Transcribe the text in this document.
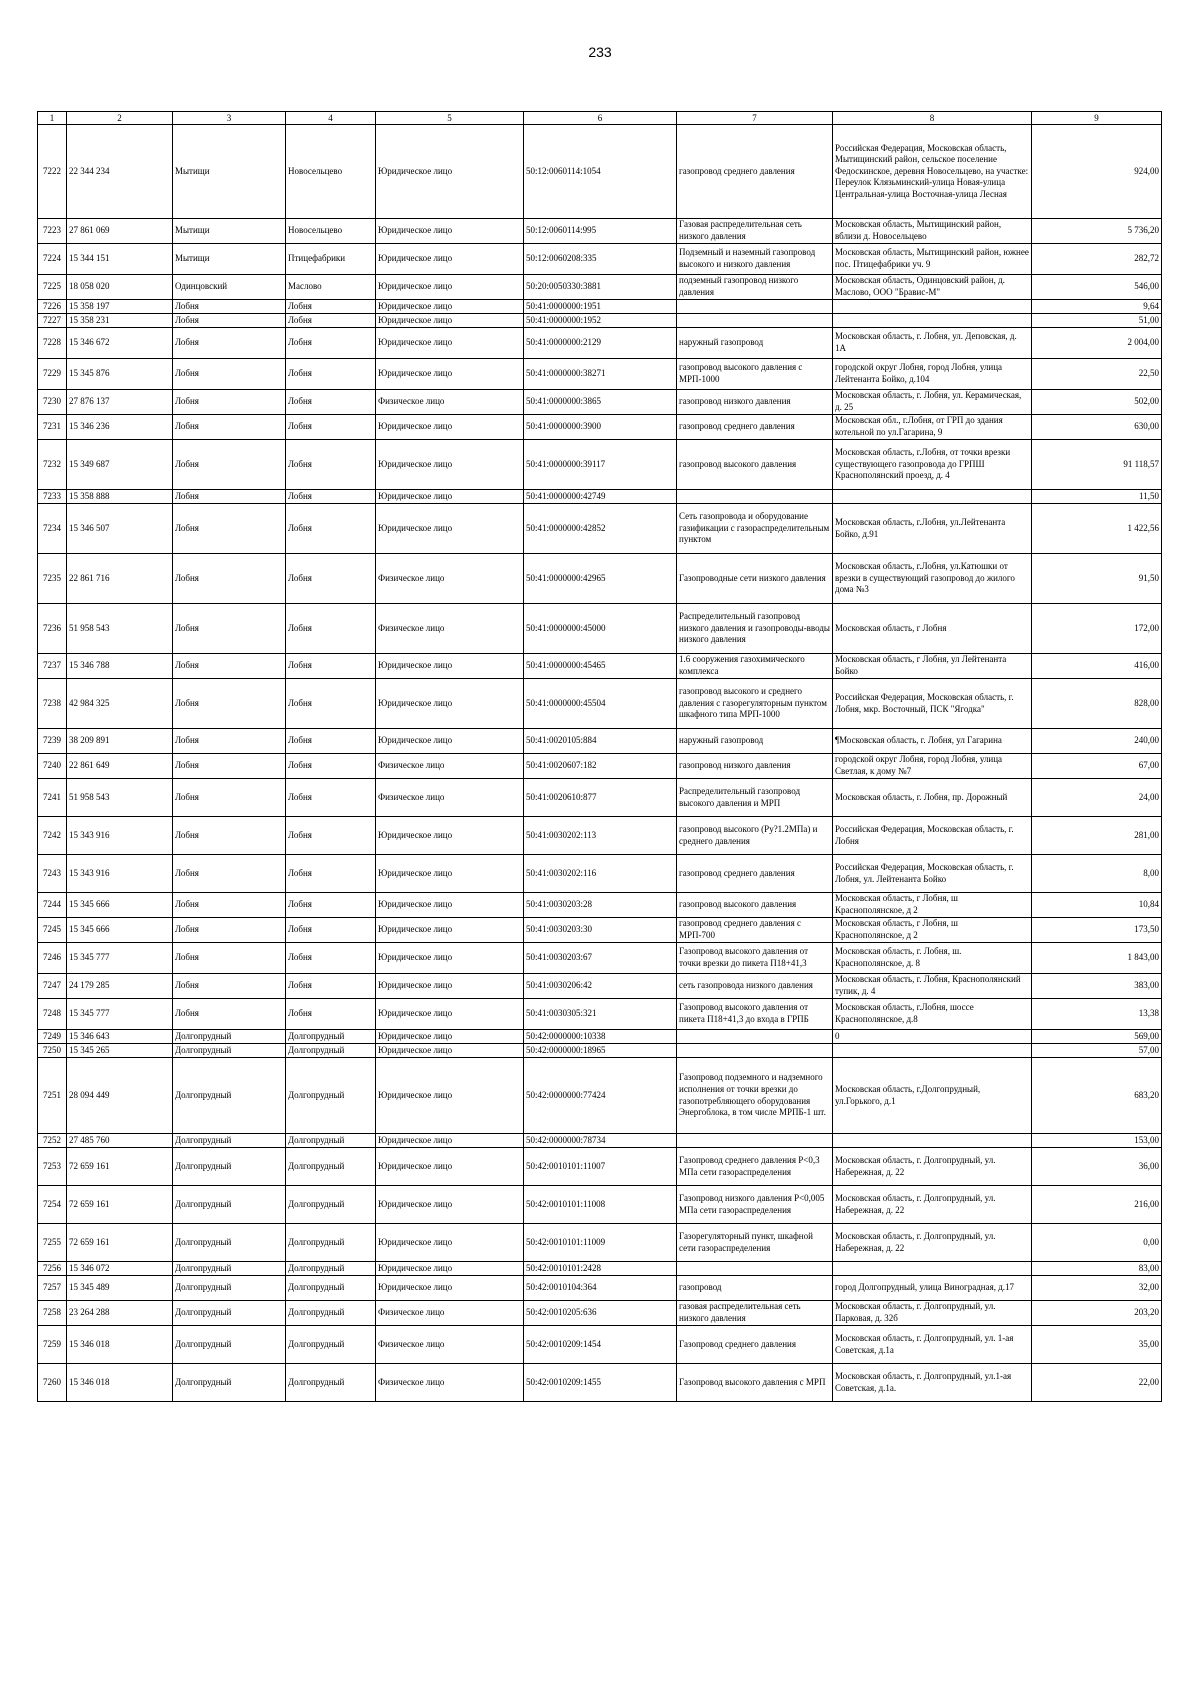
233
1	2	3	4	5	6	7	8	9
7222	22 344 234	Мытищи	Новосельцево	Юридическое лицо	50:12:0060114:1054	газопровод среднего давления	Российская Федерация, Московская область, Мытищинский район, сельское поселение Федоскинское, деревня Новосельцево, на участке: Переулок Клязьминский-улица Новая-улица Центральная-улица Восточная-улица Лесная	924,00
7223	27 861 069	Мытищи	Новосельцево	Юридическое лицо	50:12:0060114:995	Газовая распределительная сеть низкого давления	Московская область, Мытищинский район, вблизи д. Новосельцево	5 736,20
7224	15 344 151	Мытищи	Птицефабрики	Юридическое лицо	50:12:0060208:335	Подземный и наземный газопровод высокого и низкого давления	Московская область, Мытищинский район, южнее пос. Птицефабрики уч. 9	282,72
7225	18 058 020	Одинцовский	Маслово	Юридическое лицо	50:20:0050330:3881	подземный газопровод низкого давления	Московская область, Одинцовский район, д. Маслово, ООО "Бравис-М"	546,00
7226	15 358 197	Лобня	Лобня	Юридическое лицо	50:41:0000000:1951			9,64
7227	15 358 231	Лобня	Лобня	Юридическое лицо	50:41:0000000:1952			51,00
7228	15 346 672	Лобня	Лобня	Юридическое лицо	50:41:0000000:2129	наружный газопровод	Московская область, г. Лобня, ул. Деповская, д. 1А	2 004,00
7229	15 345 876	Лобня	Лобня	Юридическое лицо	50:41:0000000:38271	газопровод высокого давления с МРП-1000	городской округ Лобня, город Лобня, улица Лейтенанта Бойко, д.104	22,50
7230	27 876 137	Лобня	Лобня	Физическое лицо	50:41:0000000:3865	газопровод низкого давления	Московская область, г. Лобня, ул. Керамическая, д. 25	502,00
7231	15 346 236	Лобня	Лобня	Юридическое лицо	50:41:0000000:3900	газопровод среднего давления	Московская обл., г.Лобня, от ГРП до здания котельной по ул.Гагарина, 9	630,00
7232	15 349 687	Лобня	Лобня	Юридическое лицо	50:41:0000000:39117	газопровод высокого давления	Московская область, г.Лобня, от точки врезки существующего газопровода до ГРПШ Краснополянский проезд, д. 4	91 118,57
7233	15 358 888	Лобня	Лобня	Юридическое лицо	50:41:0000000:42749			11,50
7234	15 346 507	Лобня	Лобня	Юридическое лицо	50:41:0000000:42852	Сеть газопровода и оборудование газификации с газораспределительным пунктом	Московская область, г.Лобня, ул.Лейтенанта Бойко, д.91	1 422,56
7235	22 861 716	Лобня	Лобня	Физическое лицо	50:41:0000000:42965	Газопроводные сети низкого давления	Московская область, г.Лобня, ул.Катюшки от врезки в существующий газопровод до жилого дома №3	91,50
7236	51 958 543	Лобня	Лобня	Физическое лицо	50:41:0000000:45000	Распределительный газопровод низкого давления и газопроводы-вводы низкого давления	Московская область, г Лобня	172,00
7237	15 346 788	Лобня	Лобня	Юридическое лицо	50:41:0000000:45465	1.6 сооружения газохимического комплекса	Московская область, г Лобня, ул Лейтенанта Бойко	416,00
7238	42 984 325	Лобня	Лобня	Юридическое лицо	50:41:0000000:45504	газопровод высокого и среднего давления с газорегуляторным пунктом шкафного типа МРП-1000	Российская Федерация, Московская область, г. Лобня, мкр. Восточный, ПСК "Ягодка"	828,00
7239	38 209 891	Лобня	Лобня	Юридическое лицо	50:41:0020105:884	наружный газопровод	¶Московская область, г. Лобня, ул Гагарина	240,00
7240	22 861 649	Лобня	Лобня	Физическое лицо	50:41:0020607:182	газопровод низкого давления	городской округ Лобня, город Лобня, улица Светлая, к дому №7	67,00
7241	51 958 543	Лобня	Лобня	Физическое лицо	50:41:0020610:877	Распределительный газопровод высокого давления и МРП	Московская область, г. Лобня, пр. Дорожный	24,00
7242	15 343 916	Лобня	Лобня	Юридическое лицо	50:41:0030202:113	газопровод высокого (Ру?1.2МПа) и среднего давления	Российская Федерация, Московская область, г. Лобня	281,00
7243	15 343 916	Лобня	Лобня	Юридическое лицо	50:41:0030202:116	газопровод среднего давления	Российская Федерация, Московская область, г. Лобня, ул. Лейтенанта Бойко	8,00
7244	15 345 666	Лобня	Лобня	Юридическое лицо	50:41:0030203:28	газопровод высокого давления	Московская область, г Лобня, ш Краснополянское, д 2	10,84
7245	15 345 666	Лобня	Лобня	Юридическое лицо	50:41:0030203:30	газопровод среднего давления с МРП-700	Московская область, г Лобня, ш Краснополянское, д 2	173,50
7246	15 345 777	Лобня	Лобня	Юридическое лицо	50:41:0030203:67	Газопровод высокого давления от точки врезки до пикета П18+41,3	Московская область, г. Лобня, ш. Краснополянское, д. 8	1 843,00
7247	24 179 285	Лобня	Лобня	Юридическое лицо	50:41:0030206:42	сеть газопровода низкого давления	Московская область, г. Лобня, Краснополянский тупик, д. 4	383,00
7248	15 345 777	Лобня	Лобня	Юридическое лицо	50:41:0030305:321	Газопровод высокого давления от пикета П18+41,3 до входа в ГРПБ	Московская область, г.Лобня, шоссе Краснополянское, д.8	13,38
7249	15 346 643	Долгопрудный	Долгопрудный	Юридическое лицо	50:42:0000000:10338		0	569,00
7250	15 345 265	Долгопрудный	Долгопрудный	Юридическое лицо	50:42:0000000:18965			57,00
7251	28 094 449	Долгопрудный	Долгопрудный	Юридическое лицо	50:42:0000000:77424	Газопровод подземного и надземного исполнения от точки врезки до газопотребляющего оборудования Энергоблока, в том числе МРПБ-1 шт.	Московская область, г.Долгопрудный, ул.Горького, д.1	683,20
7252	27 485 760	Долгопрудный	Долгопрудный	Юридическое лицо	50:42:0000000:78734			153,00
7253	72 659 161	Долгопрудный	Долгопрудный	Юридическое лицо	50:42:0010101:11007	Газопровод среднего давления Р<0,3 МПа сети газораспределения	Московская область, г. Долгопрудный, ул. Набережная, д. 22	36,00
7254	72 659 161	Долгопрудный	Долгопрудный	Юридическое лицо	50:42:0010101:11008	Газопровод низкого давления Р<0,005 МПа сети газораспределения	Московская область, г. Долгопрудный, ул. Набережная, д. 22	216,00
7255	72 659 161	Долгопрудный	Долгопрудный	Юридическое лицо	50:42:0010101:11009	Газорегуляторный пункт, шкафной сети газораспределения	Московская область, г. Долгопрудный, ул. Набережная, д. 22	0,00
7256	15 346 072	Долгопрудный	Долгопрудный	Юридическое лицо	50:42:0010101:2428			83,00
7257	15 345 489	Долгопрудный	Долгопрудный	Юридическое лицо	50:42:0010104:364	газопровод	город Долгопрудный, улица Виноградная, д.17	32,00
7258	23 264 288	Долгопрудный	Долгопрудный	Физическое лицо	50:42:0010205:636	газовая распределительная сеть низкого давления	Московская область, г. Долгопрудный, ул. Парковая, д. 32б	203,20
7259	15 346 018	Долгопрудный	Долгопрудный	Физическое лицо	50:42:0010209:1454	Газопровод среднего давления	Московская область, г. Долгопрудный, ул. 1-ая Советская, д.1а	35,00
7260	15 346 018	Долгопрудный	Долгопрудный	Физическое лицо	50:42:0010209:1455	Газопровод высокого давления с МРП	Московская область, г. Долгопрудный, ул.1-ая Советская, д.1а.	22,00
